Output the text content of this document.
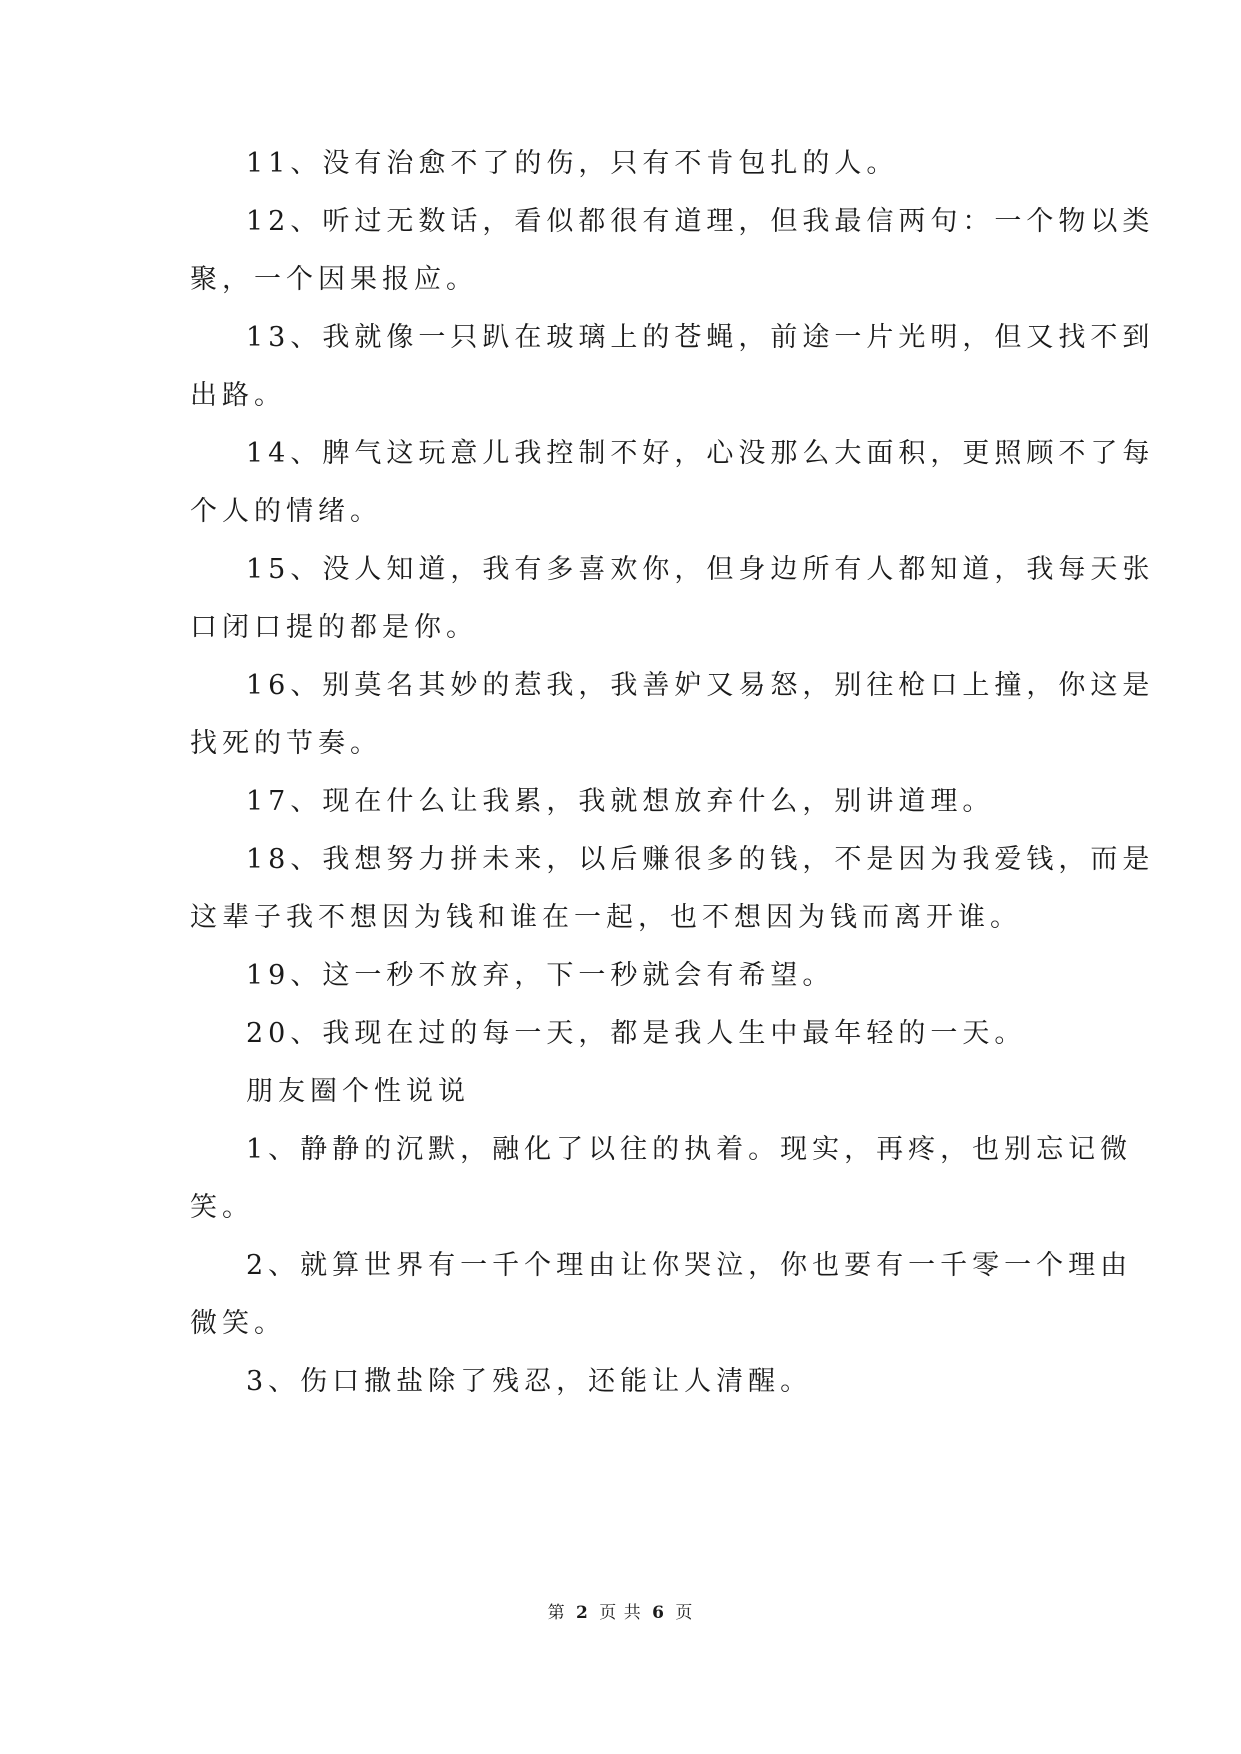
11、没有治愈不了的伤，只有不肯包扎的人。
12、听过无数话，看似都很有道理，但我最信两句：一个物以类
聚，一个因果报应。
13、我就像一只趴在玻璃上的苍蝇，前途一片光明，但又找不到
出路。
14、脾气这玩意儿我控制不好，心没那么大面积，更照顾不了每
个人的情绪。
15、没人知道，我有多喜欢你，但身边所有人都知道，我每天张
口闭口提的都是你。
16、别莫名其妙的惹我，我善妒又易怒，别往枪口上撞，你这是
找死的节奏。
17、现在什么让我累，我就想放弃什么，别讲道理。
18、我想努力拼未来，以后赚很多的钱，不是因为我爱钱，而是
这辈子我不想因为钱和谁在一起，也不想因为钱而离开谁。
19、这一秒不放弃，下一秒就会有希望。
20、我现在过的每一天，都是我人生中最年轻的一天。
朋友圈个性说说
1、静静的沉默，融化了以往的执着。现实，再疼，也别忘记微
笑。
2、就算世界有一千个理由让你哭泣，你也要有一千零一个理由
微笑。
3、伤口撒盐除了残忍，还能让人清醒。
第 2 页 共 6 页
